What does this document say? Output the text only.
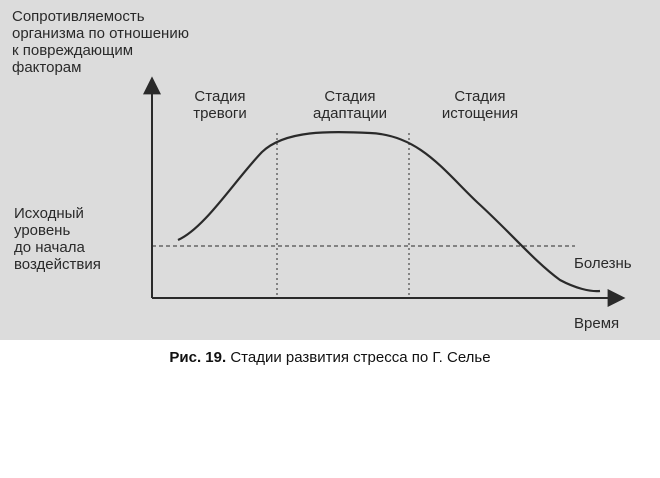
Сопротивляемость
организма по отношению
к повреждающим
факторам
Исходный
уровень
до начала
воздействия
Стадия
тревоги
Стадия
адаптации
Стадия
истощения
Болезнь
Время
Рис. 19. Стадии развития стресса по Г. Селье
